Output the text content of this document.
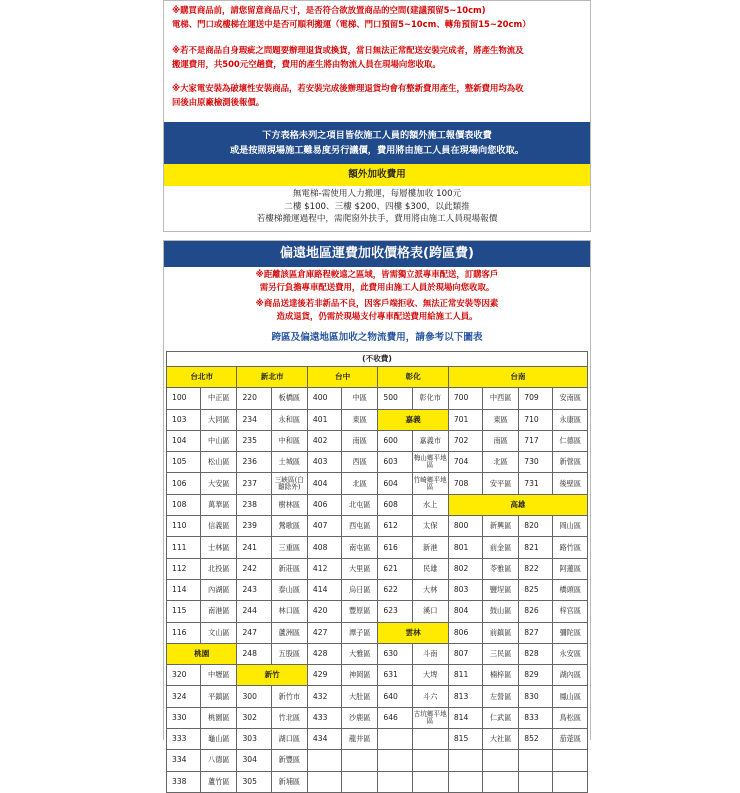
※購買商品前，請您留意商品尺寸，是否符合欲放置商品的空間(建議預留5~10cm)

電梯、門口或樓梯在運送中是否可順利搬運（電梯、門口預留5~10cm、轉角預留15~20cm）

※若不是商品自身瑕疵之問題要辦理退貨或換貨，當日無法正常配送安裝完成者，將產生物流及

搬運費用，共500元空趟費，費用的產生將由物流人員在現場向您收取。

※大家電安裝為破壞性安裝商品，若安裝完成後辦理退貨均會有整新費用產生，整新費用均為收

回後由原廠檢測後報價。

下方表格未列之項目皆依施工人員的額外施工報價表收費
或是按照現場施工難易度另行議價，費用將由施工人員在現場向您收取。
額外加收費用
無電梯-需使用人力搬運，每層樓加收 100元
二樓 $100、三樓 $200、四樓 $300，以此類推
若樓梯搬運過程中，需爬窗外扶手，費用將由施工人員現場報價
偏遠地區運費加收價格表(跨區費)
※距離該區倉庫路程較遠之區域，皆需獨立派專車配送，訂購客戶
需另行負擔專車配送費用，此費用由施工人員於現場向您收取。
※商品送達後若非新品不良，因客戶端拒收、無法正常安裝等因素
造成退貨，仍需於現場支付專車配送費用給施工人員。
跨區及偏遠地區加收之物流費用，請參考以下圖表
(不收費)											
台北市		新北市		台中		彰化		台南			
100	中正區	220	板橋區	400	中區	500	彰化市	700	中西區	709	安南區
103	大同區	234	永和區	401	東區	嘉義		701	東區	710	永康區
104	中山區	235	中和區	402	南區	600	嘉義市	702	南區	717	仁德區
105	松山區	236	土城區	403	西區	603	梅山鄉平地區	704	北區	730	新營區
106	大安區	237	三峽區(白雞除外)	404	北區	604	竹崎鄉平地區	708	安平區	731	後壁區
108	萬華區	238	樹林區	406	北屯區	608	水上	高雄			
110	信義區	239	鶯歌區	407	西屯區	612	太保	800	新興區	820	岡山區
111	士林區	241	三重區	408	南屯區	616	新港	801	前金區	821	路竹區
112	北投區	242	新莊區	412	大里區	621	民雄	802	苓雅區	822	阿蓮區
114	內湖區	243	泰山區	414	烏日區	622	大林	803	鹽埕區	825	橋頭區
115	南港區	244	林口區	420	豐原區	623	溪口	804	鼓山區	826	梓官區
116	文山區	247	蘆洲區	427	潭子區	雲林		806	前鎮區	827	彌陀區
桃園		248	五股區	428	大雅區	630	斗南	807	三民區	828	永安區
320	中壢區	新竹		429	神岡區	631	大埤	811	楠梓區	829	湖內區
324	平鎮區	300	新竹市	432	大肚區	640	斗六	813	左營區	830	鳳山區
330	桃園區	302	竹北區	433	沙鹿區	646	古坑鄉平地區	814	仁武區	833	鳥松區
333	龜山區	303	湖口區	434	龍井區			815	大社區	852	茄萣區
334	八德區	304	新豐區								
338	蘆竹區	305	新埔區								
